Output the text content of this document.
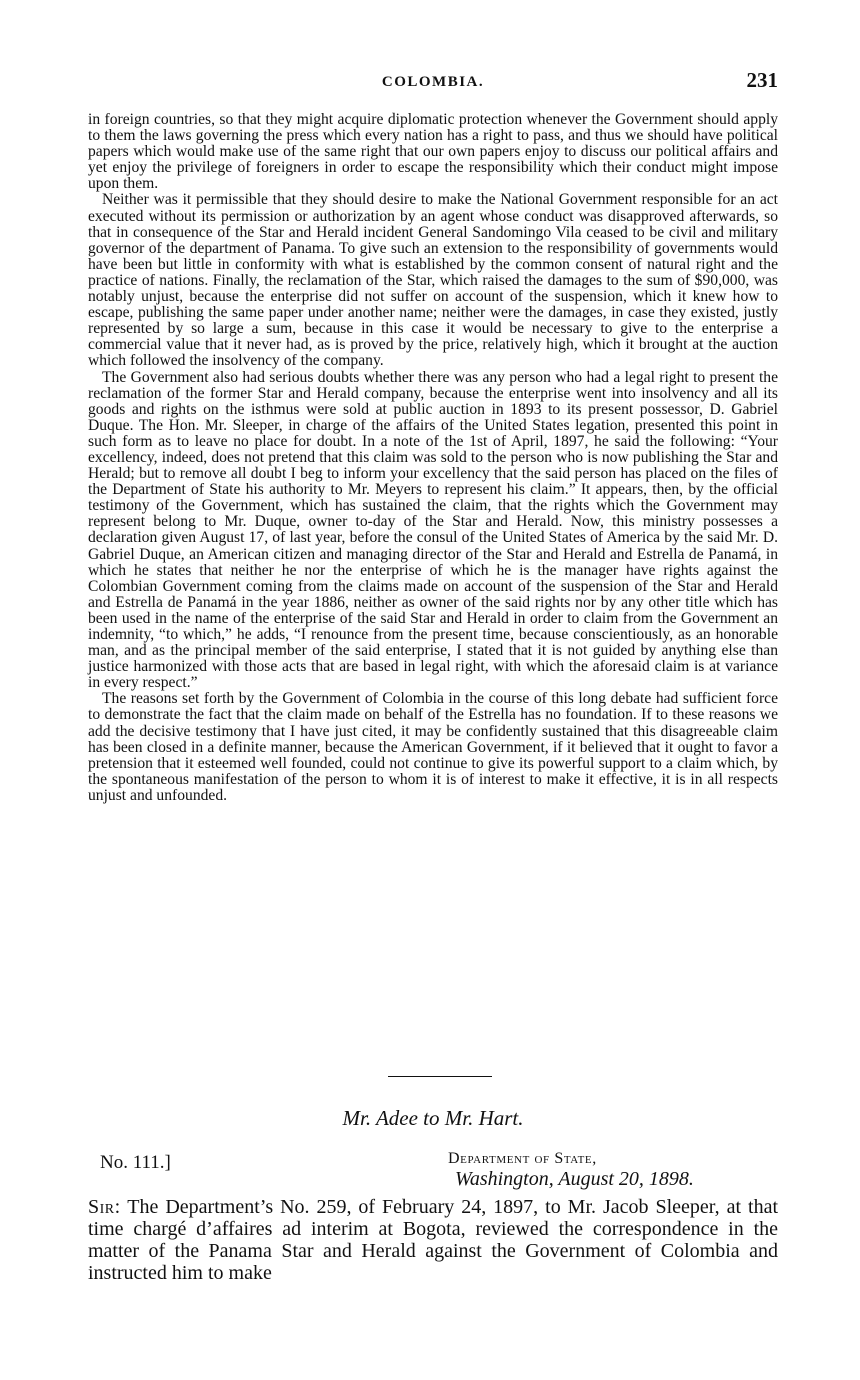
COLOMBIA.	231

in foreign countries, so that they might acquire diplomatic protection whenever the Government should apply to them the laws governing the press which every nation has a right to pass, and thus we should have political papers which would make use of the same right that our own papers enjoy to discuss our political affairs and yet enjoy the privilege of foreigners in order to escape the responsibility which their conduct might impose upon them.

Neither was it permissible that they should desire to make the National Government responsible for an act executed without its permission or authorization by an agent whose conduct was disapproved afterwards, so that in consequence of the Star and Herald incident General Sandomingo Vila ceased to be civil and military governor of the department of Panama. To give such an extension to the responsibility of governments would have been but little in conformity with what is established by the common consent of natural right and the practice of nations. Finally, the reclamation of the Star, which raised the damages to the sum of $90,000, was notably unjust, because the enterprise did not suffer on account of the suspension, which it knew how to escape, publishing the same paper under another name; neither were the damages, in case they existed, justly represented by so large a sum, because in this case it would be necessary to give to the enterprise a commercial value that it never had, as is proved by the price, relatively high, which it brought at the auction which followed the insolvency of the company.

The Government also had serious doubts whether there was any person who had a legal right to present the reclamation of the former Star and Herald company, because the enterprise went into insolvency and all its goods and rights on the isthmus were sold at public auction in 1893 to its present possessor, D. Gabriel Duque. The Hon. Mr. Sleeper, in charge of the affairs of the United States legation, presented this point in such form as to leave no place for doubt. In a note of the 1st of April, 1897, he said the following: “Your excellency, indeed, does not pretend that this claim was sold to the person who is now publishing the Star and Herald; but to remove all doubt I beg to inform your excellency that the said person has placed on the files of the Department of State his authority to Mr. Meyers to represent his claim.” It appears, then, by the official testimony of the Government, which has sustained the claim, that the rights which the Government may represent belong to Mr. Duque, owner to-day of the Star and Herald. Now, this ministry possesses a declaration given August 17, of last year, before the consul of the United States of America by the said Mr. D. Gabriel Duque, an American citizen and managing director of the Star and Herald and Estrella de Panamá, in which he states that neither he nor the enterprise of which he is the manager have rights against the Colombian Government coming from the claims made on account of the suspension of the Star and Herald and Estrella de Panamá in the year 1886, neither as owner of the said rights nor by any other title which has been used in the name of the enterprise of the said Star and Herald in order to claim from the Government an indemnity, “to which,” he adds, “I renounce from the present time, because conscientiously, as an honorable man, and as the principal member of the said enterprise, I stated that it is not guided by anything else than justice harmonized with those acts that are based in legal right, with which the aforesaid claim is at variance in every respect.”

The reasons set forth by the Government of Colombia in the course of this long debate had sufficient force to demonstrate the fact that the claim made on behalf of the Estrella has no foundation. If to these reasons we add the decisive testimony that I have just cited, it may be confidently sustained that this disagreeable claim has been closed in a definite manner, because the American Government, if it believed that it ought to favor a pretension that it esteemed well founded, could not continue to give its powerful support to a claim which, by the spontaneous manifestation of the person to whom it is of interest to make it effective, it is in all respects unjust and unfounded.

Mr. Adee to Mr. Hart.
No. 111.]	Department of State,
Washington, August 20, 1898.
Sir: The Department’s No. 259, of February 24, 1897, to Mr. Jacob Sleeper, at that time chargé d’affaires ad interim at Bogota, reviewed the correspondence in the matter of the Panama Star and Herald against the Government of Colombia and instructed him to make
